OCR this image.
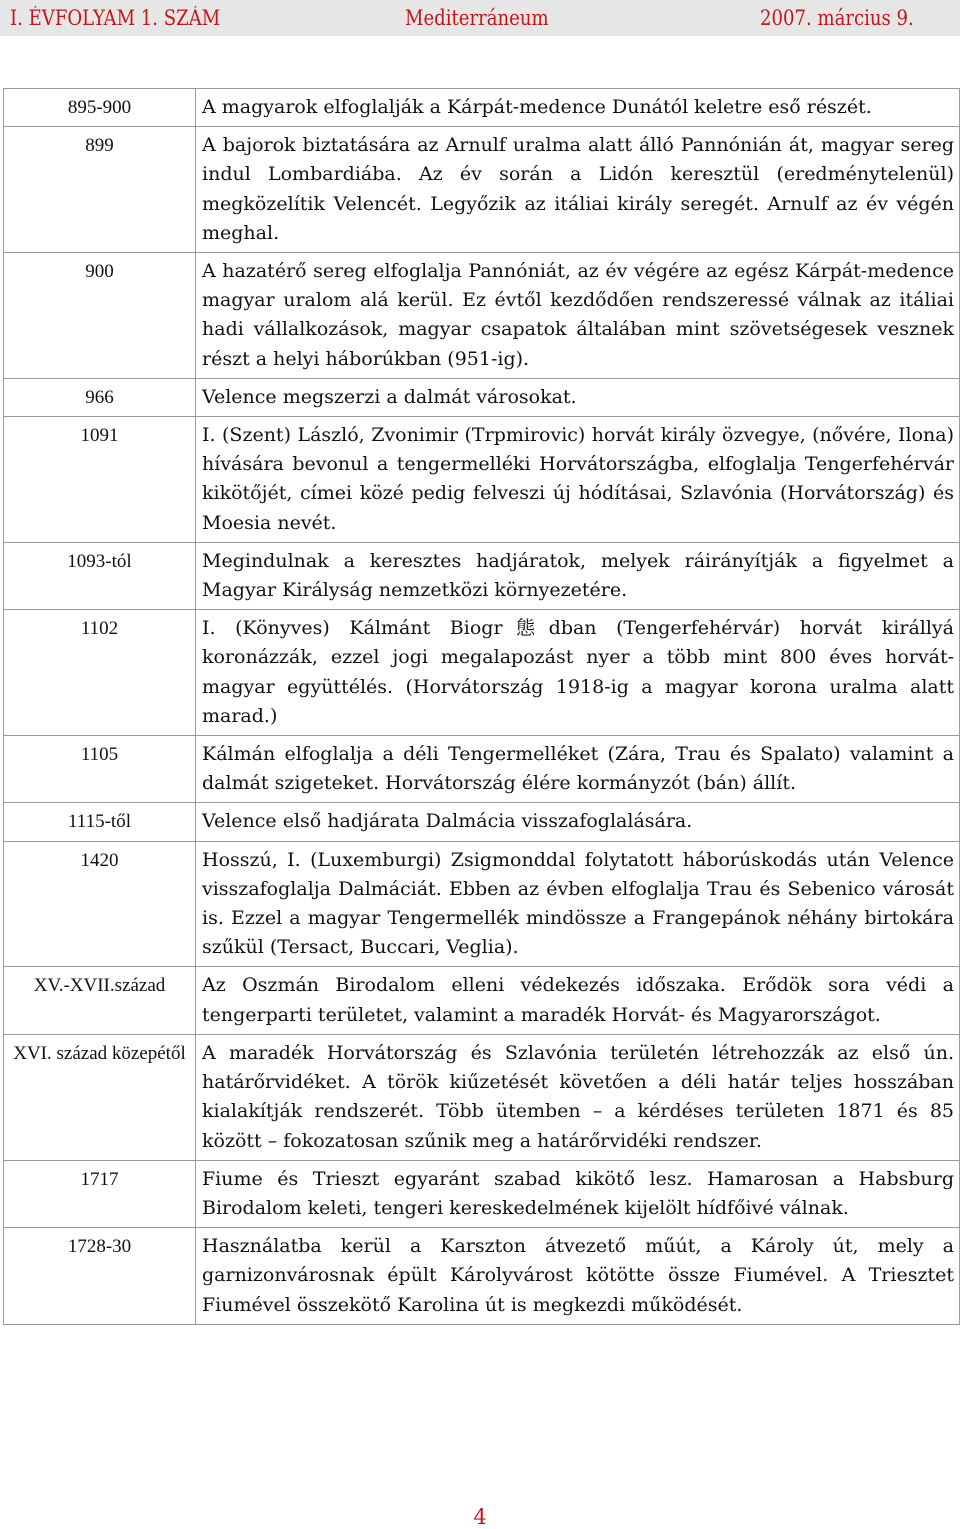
I. ÉVFOLYAM 1. SZÁM	Mediterráneum	2007. március 9.
895-900	A magyarok elfoglalják a Kárpát-medence Dunától keletre eső részét.
899	A bajorok biztatására az Arnulf uralma alatt álló Pannónián át, magyar sereg indul Lombardiába. Az év során a Lidón keresztül (eredménytelenül) megközelítik Velencét. Legyőzik az itáliai király seregét. Arnulf az év végén meghal.
900	A hazatérő sereg elfoglalja Pannóniát, az év végére az egész Kárpát-medence magyar uralom alá kerül. Ez évtől kezdődően rendszeressé válnak az itáliai hadi vállalkozások, magyar csapatok általában mint szövetségesek vesznek részt a helyi háborúkban (951-ig).
966	Velence megszerzi a dalmát városokat.
1091	I. (Szent) László, Zvonimir (Trpmirovic) horvát király özvegye, (nővére, Ilona) hívására bevonul a tengermelléki Horvátországba, elfoglalja Tengerfehérvár kikötőjét, címei közé pedig felveszi új hódításai, Szlavónia (Horvátország) és Moesia nevét.
1093-tól	Megindulnak a keresztes hadjáratok, melyek ráirányítják a figyelmet a Magyar Királyság nemzetközi környezetére.
1102	I. (Könyves) Kálmánt Biogr態dban (Tengerfehérvár) horvát királlyá koronázzák, ezzel jogi megalapozást nyer a több mint 800 éves horvát-magyar együttélés. (Horvátország 1918-ig a magyar korona uralma alatt marad.)
1105	Kálmán elfoglalja a déli Tengermelléket (Zára, Trau és Spalato) valamint a dalmát szigeteket. Horvátország élére kormányzót (bán) állít.
1115-től	Velence első hadjárata Dalmácia visszafoglalására.
1420	Hosszú, I. (Luxemburgi) Zsigmonddal folytatott háborúskodás után Velence visszafoglalja Dalmáciát. Ebben az évben elfoglalja Trau és Sebenico városát is. Ezzel a magyar Tengermellék mindössze a Frangepánok néhány birtokára szűkül (Tersact, Buccari, Veglia).
XV.-XVII.század	Az Oszmán Birodalom elleni védekezés időszaka. Erődök sora védi a tengerparti területet, valamint a maradék Horvát- és Magyarországot.
XVI. század közepétől	A maradék Horvátország és Szlavónia területén létrehozzák az első ún. határőrvidéket. A török kiűzetését követően a déli határ teljes hosszában kialakítják rendszerét. Több ütemben – a kérdéses területen 1871 és 85 között – fokozatosan szűnik meg a határőrvidéki rendszer.
1717	Fiume és Trieszt egyaránt szabad kikötő lesz. Hamarosan a Habsburg Birodalom keleti, tengeri kereskedelmének kijelölt hídfőivé válnak.
1728-30	Használatba kerül a Karszton átvezető műút, a Károly út, mely a garnizonvárosnak épült Károlyvárost kötötte össze Fiumével. A Triesztet Fiumével összekötő Karolina út is megkezdi működését.
4
